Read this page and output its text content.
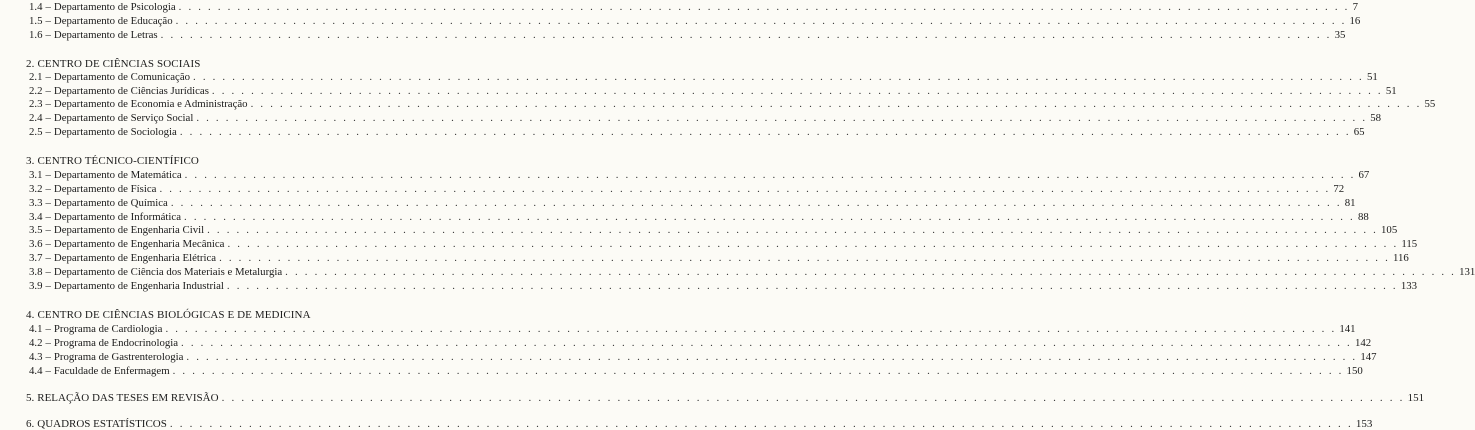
1.4 – Departamento de Psicologia . . . . . . . . . . . . . . . . . . . . . . . . . . . . . . . . . . . . . . . . . . . . . . . . . . . . . . . . . . . . . . . . . . . . . . . . . . . . . . . . . . . . . . . . . . . . . . . . . . . . . . . . . . . . . . . . . . . . . . . . 7
1.5 – Departamento de Educação . . . . . . . . . . . . . . . . . . . . . . . . . . . . . . . . . . . . . . . . . . . . . . . . . . . . . . . . . . . . . . . . . . . . . . . . . . . . . . . . . . . . . . . . . . . . . . . . . . . . . . . . . . . . . . . . . . . . . . . . 16
1.6 – Departamento de Letras . . . . . . . . . . . . . . . . . . . . . . . . . . . . . . . . . . . . . . . . . . . . . . . . . . . . . . . . . . . . . . . . . . . . . . . . . . . . . . . . . . . . . . . . . . . . . . . . . . . . . . . . . . . . . . . . . . . . . . . . 35
2. CENTRO DE CIÊNCIAS SOCIAIS
2.1 – Departamento de Comunicação . . . . . . . . . . . . . . . . . . . . . . . . . . . . . . . . . . . . . . . . . . . . . . . . . . . . . . . . . . . . . . . . . . . . . . . . . . . . . . . . . . . . . . . . . . . . . . . . . . . . . . . . . . . . . . . . . . . . . . . . 51
2.2 – Departamento de Ciências Jurídicas . . . . . . . . . . . . . . . . . . . . . . . . . . . . . . . . . . . . . . . . . . . . . . . . . . . . . . . . . . . . . . . . . . . . . . . . . . . . . . . . . . . . . . . . . . . . . . . . . . . . . . . . . . . . . . . . . . . . . . . . 51
2.3 – Departamento de Economia e Administração . . . . . . . . . . . . . . . . . . . . . . . . . . . . . . . . . . . . . . . . . . . . . . . . . . . . . . . . . . . . . . . . . . . . . . . . . . . . . . . . . . . . . . . . . . . . . . . . . . . . . . . . . . . . . . . . . . . . . . . . 55
2.4 – Departamento de Serviço Social . . . . . . . . . . . . . . . . . . . . . . . . . . . . . . . . . . . . . . . . . . . . . . . . . . . . . . . . . . . . . . . . . . . . . . . . . . . . . . . . . . . . . . . . . . . . . . . . . . . . . . . . . . . . . . . . . . . . . . . . 58
2.5 – Departamento de Sociologia . . . . . . . . . . . . . . . . . . . . . . . . . . . . . . . . . . . . . . . . . . . . . . . . . . . . . . . . . . . . . . . . . . . . . . . . . . . . . . . . . . . . . . . . . . . . . . . . . . . . . . . . . . . . . . . . . . . . . . . . 65
3. CENTRO TÉCNICO-CIENTÍFICO
3.1 – Departamento de Matemática . . . . . . . . . . . . . . . . . . . . . . . . . . . . . . . . . . . . . . . . . . . . . . . . . . . . . . . . . . . . . . . . . . . . . . . . . . . . . . . . . . . . . . . . . . . . . . . . . . . . . . . . . . . . . . . . . . . . . . . . 67
3.2 – Departamento de Física . . . . . . . . . . . . . . . . . . . . . . . . . . . . . . . . . . . . . . . . . . . . . . . . . . . . . . . . . . . . . . . . . . . . . . . . . . . . . . . . . . . . . . . . . . . . . . . . . . . . . . . . . . . . . . . . . . . . . . . . 72
3.3 – Departamento de Química . . . . . . . . . . . . . . . . . . . . . . . . . . . . . . . . . . . . . . . . . . . . . . . . . . . . . . . . . . . . . . . . . . . . . . . . . . . . . . . . . . . . . . . . . . . . . . . . . . . . . . . . . . . . . . . . . . . . . . . . 81
3.4 – Departamento de Informática . . . . . . . . . . . . . . . . . . . . . . . . . . . . . . . . . . . . . . . . . . . . . . . . . . . . . . . . . . . . . . . . . . . . . . . . . . . . . . . . . . . . . . . . . . . . . . . . . . . . . . . . . . . . . . . . . . . . . . . . 88
3.5 – Departamento de Engenharia Civil . . . . . . . . . . . . . . . . . . . . . . . . . . . . . . . . . . . . . . . . . . . . . . . . . . . . . . . . . . . . . . . . . . . . . . . . . . . . . . . . . . . . . . . . . . . . . . . . . . . . . . . . . . . . . . . . . . . . . . . . 105
3.6 – Departamento de Engenharia Mecânica . . . . . . . . . . . . . . . . . . . . . . . . . . . . . . . . . . . . . . . . . . . . . . . . . . . . . . . . . . . . . . . . . . . . . . . . . . . . . . . . . . . . . . . . . . . . . . . . . . . . . . . . . . . . . . . . . . . . . . . . 115
3.7 – Departamento de Engenharia Elétrica . . . . . . . . . . . . . . . . . . . . . . . . . . . . . . . . . . . . . . . . . . . . . . . . . . . . . . . . . . . . . . . . . . . . . . . . . . . . . . . . . . . . . . . . . . . . . . . . . . . . . . . . . . . . . . . . . . . . . . . . 116
3.8 – Departamento de Ciência dos Materiais e Metalurgia . . . . . . . . . . . . . . . . . . . . . . . . . . . . . . . . . . . . . . . . . . . . . . . . . . . . . . . . . . . . . . . . . . . . . . . . . . . . . . . . . . . . . . . . . . . . . . . . . . . . . . . . . . . . . . . . . . . . . . . . 131
3.9 – Departamento de Engenharia Industrial . . . . . . . . . . . . . . . . . . . . . . . . . . . . . . . . . . . . . . . . . . . . . . . . . . . . . . . . . . . . . . . . . . . . . . . . . . . . . . . . . . . . . . . . . . . . . . . . . . . . . . . . . . . . . . . . . . . . . . . . 133
4. CENTRO DE CIÊNCIAS BIOLÓGICAS E DE MEDICINA
4.1 – Programa de Cardiologia . . . . . . . . . . . . . . . . . . . . . . . . . . . . . . . . . . . . . . . . . . . . . . . . . . . . . . . . . . . . . . . . . . . . . . . . . . . . . . . . . . . . . . . . . . . . . . . . . . . . . . . . . . . . . . . . . . . . . . . . 141
4.2 – Programa de Endocrinologia . . . . . . . . . . . . . . . . . . . . . . . . . . . . . . . . . . . . . . . . . . . . . . . . . . . . . . . . . . . . . . . . . . . . . . . . . . . . . . . . . . . . . . . . . . . . . . . . . . . . . . . . . . . . . . . . . . . . . . . . 142
4.3 – Programa de Gastrenterologia . . . . . . . . . . . . . . . . . . . . . . . . . . . . . . . . . . . . . . . . . . . . . . . . . . . . . . . . . . . . . . . . . . . . . . . . . . . . . . . . . . . . . . . . . . . . . . . . . . . . . . . . . . . . . . . . . . . . . . . . 147
4.4 – Faculdade de Enfermagem . . . . . . . . . . . . . . . . . . . . . . . . . . . . . . . . . . . . . . . . . . . . . . . . . . . . . . . . . . . . . . . . . . . . . . . . . . . . . . . . . . . . . . . . . . . . . . . . . . . . . . . . . . . . . . . . . . . . . . . . 150
5. RELAÇÃO DAS TESES EM REVISÃO . . . . . . . . . . . . . . . . . . . . . . . . . . . . . . . . . . . . . . . . . . . . . . . . . . . . . . . . . . . . . . . . . . . . . . . . . . . . . . . . . . . . . . . . . . . . . . . . . . . . . . . . . . . . . . . . . . . . . . . . 151
6. QUADROS ESTATÍSTICOS . . . . . . . . . . . . . . . . . . . . . . . . . . . . . . . . . . . . . . . . . . . . . . . . . . . . . . . . . . . . . . . . . . . . . . . . . . . . . . . . . . . . . . . . . . . . . . . . . . . . . . . . . . . . . . . . . . . . . . . . 153
